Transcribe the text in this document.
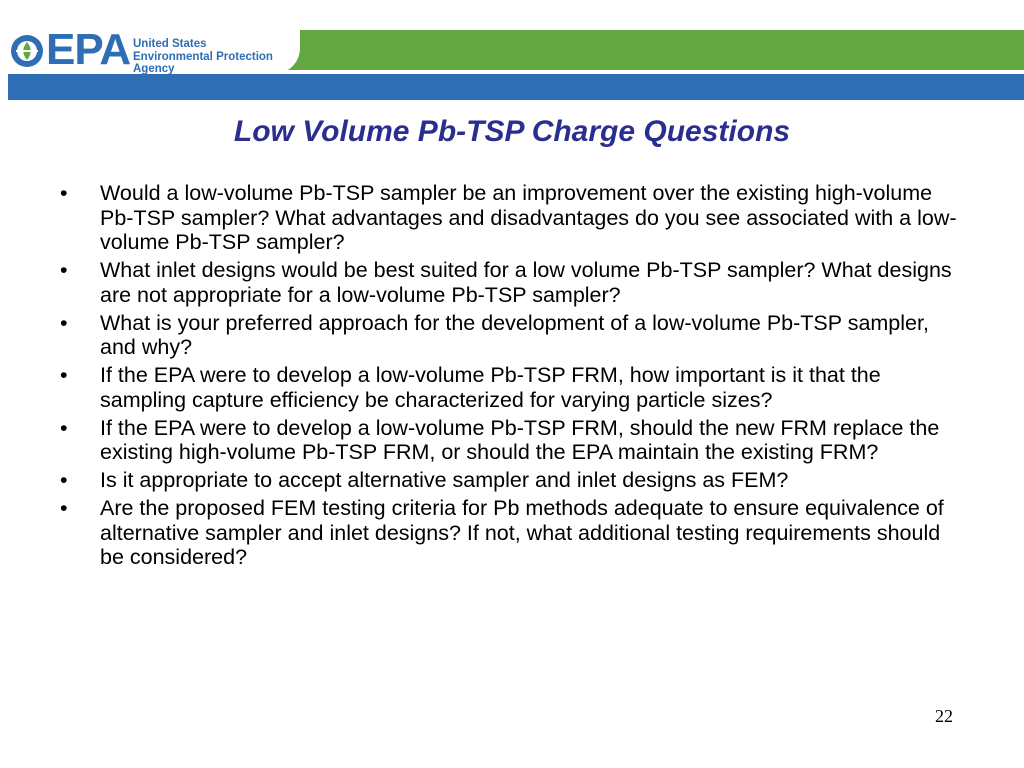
Office of Air Quality Planning and Standards
EPA United States
Environmental Protection
Agency
Low Volume Pb-TSP Charge Questions
•	Would a low-volume Pb-TSP sampler be an improvement over the existing high-volume Pb-TSP sampler? What advantages and disadvantages do you see associated with a low-volume Pb-TSP sampler?
•	What inlet designs would be best suited for a low volume Pb-TSP sampler? What designs are not appropriate for a low-volume Pb-TSP sampler?
•	What is your preferred approach for the development of a low-volume Pb-TSP sampler, and why?
•	If the EPA were to develop a low-volume Pb-TSP FRM, how important is it that the sampling capture efficiency be characterized for varying particle sizes?
•	If the EPA were to develop a low-volume Pb-TSP FRM, should the new FRM replace the existing high-volume Pb-TSP FRM, or should the EPA maintain the existing FRM?
•	Is it appropriate to accept alternative sampler and inlet designs as FEM?
•	Are the proposed FEM testing criteria for Pb methods adequate to ensure equivalence of alternative sampler and inlet designs? If not, what additional testing requirements should be considered?
22
